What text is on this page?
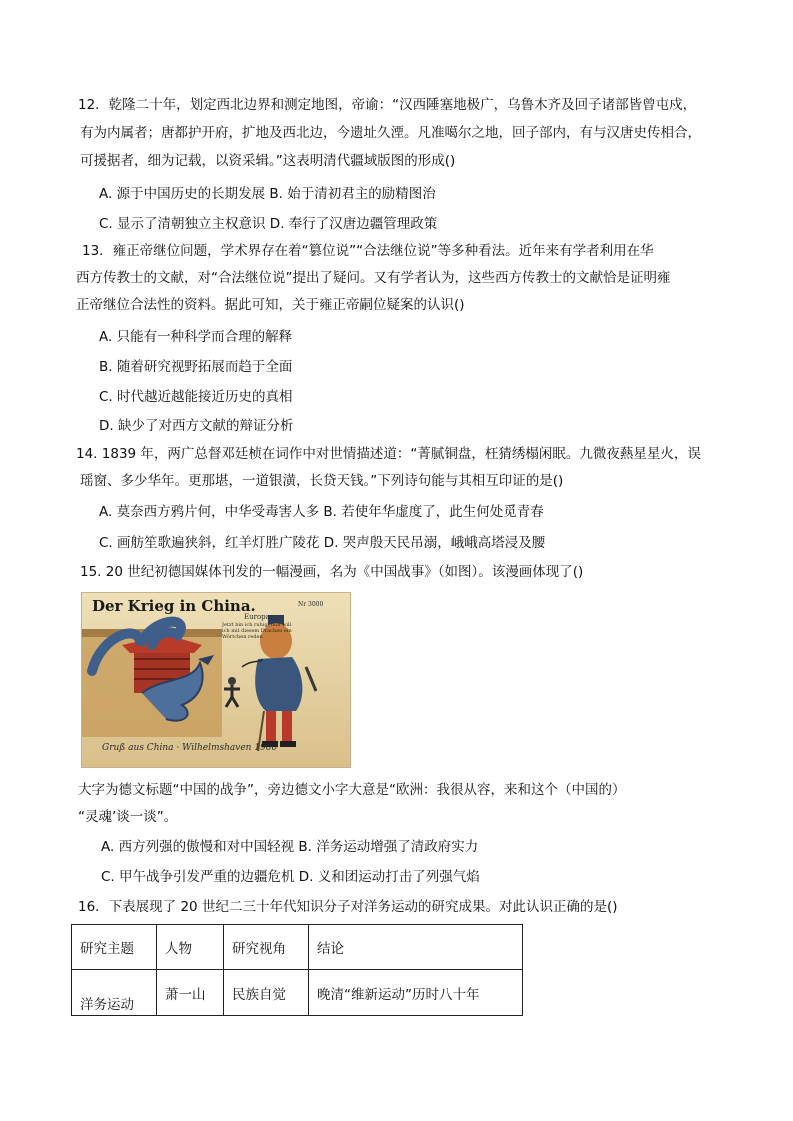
12．乾隆二十年，划定西北边界和测定地图，帝谕：“汉西陲塞地极广，乌鲁木齐及回子诸部皆曾屯戍，
有为内属者；唐都护开府，扩地及西北边，今遗址久湮。凡准噶尔之地，回子部内，有与汉唐史传相合，
可援据者，细为记载，以资采辑。”这表明清代疆域版图的形成()
A. 源于中国历史的长期发展 B. 始于清初君主的励精图治
C. 显示了清朝独立主权意识 D. 奉行了汉唐边疆管理政策
13．雍正帝继位问题，学术界存在着“篡位说”“合法继位说”等多种看法。近年来有学者利用在华
西方传教士的文献，对“合法继位说”提出了疑问。又有学者认为，这些西方传教士的文献恰是证明雍
正帝继位合法性的资料。据此可知，关于雍正帝嗣位疑案的认识()
A. 只能有一种科学而合理的解释
B. 随着研究视野拓展而趋于全面
C. 时代越近越能接近历史的真相
D. 缺少了对西方文献的辩证分析
14. 1839 年，两广总督邓廷桢在词作中对世情描述道：“菁腻铜盘，枉猜绣榻闲眠。九微夜爇星星火，误
瑶窗、多少华年。更那堪，一道银潢，长贷天钱。”下列诗句能与其相互印证的是()
A. 莫奈西方鸦片何，中华受毒害人多 B. 若使年华虚度了，此生何处觅青春
C. 画舫笙歌遍狭斜，红羊灯胜广陵花 D. 哭声殷天民吊溺，峨峨高塔浸及腰
15. 20 世纪初德国媒体刊发的一幅漫画，名为《中国战事》（如图）。该漫画体现了()
Der Krieg in China.
Europa:
Jetzt bin ich ruhig, nun will ich mit diesem Drachen ein Wörtchen reden
Nr 3000
Gruß aus China · Wilhelmshaven 1900
大字为德文标题“中国的战争”，旁边德文小字大意是“欧洲：我很从容，来和这个（中国的）
“灵魂’谈一谈”。
A. 西方列强的傲慢和对中国轻视 B. 洋务运动增强了清政府实力
C. 甲午战争引发严重的边疆危机 D. 义和团运动打击了列强气焰
16．下表展现了 20 世纪二三十年代知识分子对洋务运动的研究成果。对此认识正确的是()
研究主题	人物	研究视角	结论
洋务运动	萧一山	民族自觉	晚清“维新运动”历时八十年
